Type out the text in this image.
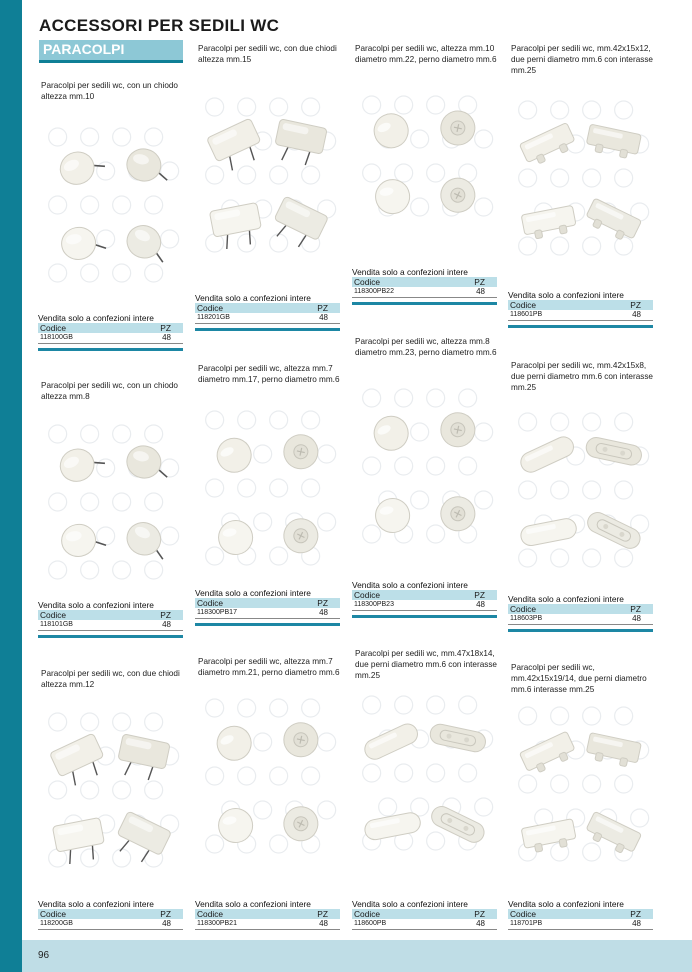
96
ACCESSORI PER SEDILI WC
PARACOLPI
Paracolpi per sedili wc, con un chiodo
altezza mm.10
Vendita solo a confezioni intere
Codice	PZ
118100GB	48
Paracolpi per sedili wc, con due chiodi
altezza mm.15
Vendita solo a confezioni intere
Codice	PZ
118201GB	48
Paracolpi per sedili wc, altezza mm.10
diametro mm.22, perno diametro mm.6
Vendita solo a confezioni intere
Codice	PZ
118300PB22	48
Paracolpi per sedili wc, mm.42x15x12,
due perni diametro mm.6 con interasse
mm.25
Vendita solo a confezioni intere
Codice	PZ
118601PB	48
Paracolpi per sedili wc, con un chiodo
altezza mm.8
Vendita solo a confezioni intere
Codice	PZ
118101GB	48
Paracolpi per sedili wc, altezza mm.7
diametro mm.17, perno diametro mm.6
Vendita solo a confezioni intere
Codice	PZ
118300PB17	48
Paracolpi per sedili wc, altezza mm.8
diametro mm.23, perno diametro mm.6
Vendita solo a confezioni intere
Codice	PZ
118300PB23	48
Paracolpi per sedili wc, mm.42x15x8,
due perni diametro mm.6 con interasse
mm.25
Vendita solo a confezioni intere
Codice	PZ
118603PB	48
Paracolpi per sedili wc, con due chiodi
altezza mm.12
Vendita solo a confezioni intere
Codice	PZ
118200GB	48
Paracolpi per sedili wc, altezza mm.7
diametro mm.21, perno diametro mm.6
Vendita solo a confezioni intere
Codice	PZ
118300PB21	48
Paracolpi per sedili wc, mm.47x18x14,
due perni diametro mm.6 con interasse
mm.25
Vendita solo a confezioni intere
Codice	PZ
118600PB	48
Paracolpi per sedili wc,
mm.42x15x19/14, due perni diametro
mm.6 interasse mm.25
Vendita solo a confezioni intere
Codice	PZ
118701PB	48
